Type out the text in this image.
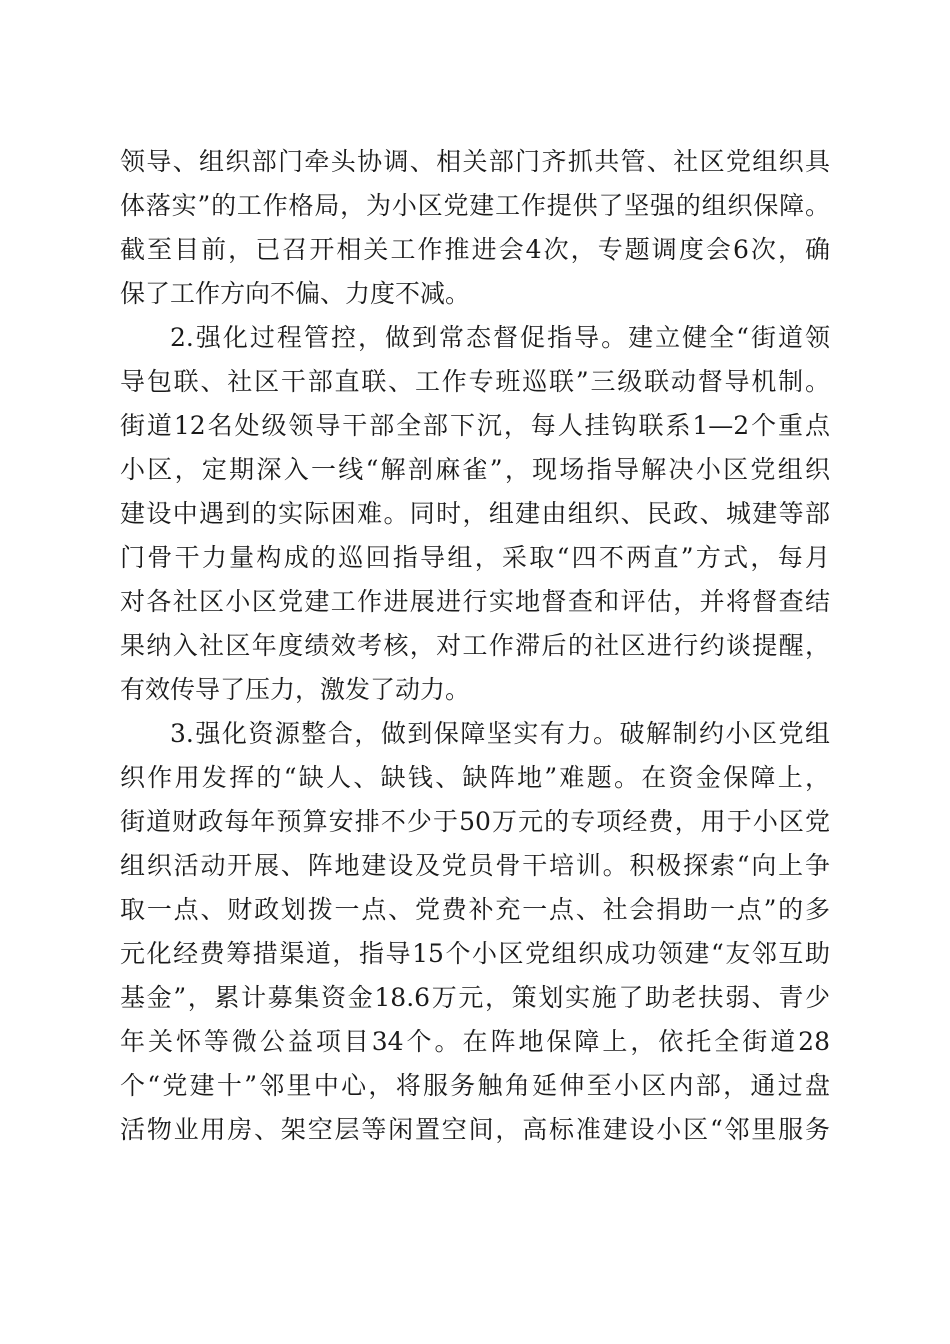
领导、组织部门牵头协调、相关部门齐抓共管、社区党组织具
体落实”的工作格局，为小区党建工作提供了坚强的组织保障。
截至目前，已召开相关工作推进会4次，专题调度会6次，确
保了工作方向不偏、力度不减。
2.强化过程管控，做到常态督促指导。建立健全“街道领
导包联、社区干部直联、工作专班巡联”三级联动督导机制。
街道12名处级领导干部全部下沉，每人挂钩联系1—2个重点
小区，定期深入一线“解剖麻雀”，现场指导解决小区党组织
建设中遇到的实际困难。同时，组建由组织、民政、城建等部
门骨干力量构成的巡回指导组，采取“四不两直”方式，每月
对各社区小区党建工作进展进行实地督查和评估，并将督查结
果纳入社区年度绩效考核，对工作滞后的社区进行约谈提醒，
有效传导了压力，激发了动力。
3.强化资源整合，做到保障坚实有力。破解制约小区党组
织作用发挥的“缺人、缺钱、缺阵地”难题。在资金保障上，
街道财政每年预算安排不少于50万元的专项经费，用于小区党
组织活动开展、阵地建设及党员骨干培训。积极探索“向上争
取一点、财政划拨一点、党费补充一点、社会捐助一点”的多
元化经费筹措渠道，指导15个小区党组织成功领建“友邻互助
基金”，累计募集资金18.6万元，策划实施了助老扶弱、青少
年关怀等微公益项目34个。在阵地保障上，依托全街道28
个“党建十”邻里中心，将服务触角延伸至小区内部，通过盘
活物业用房、架空层等闲置空间，高标准建设小区“邻里服务
